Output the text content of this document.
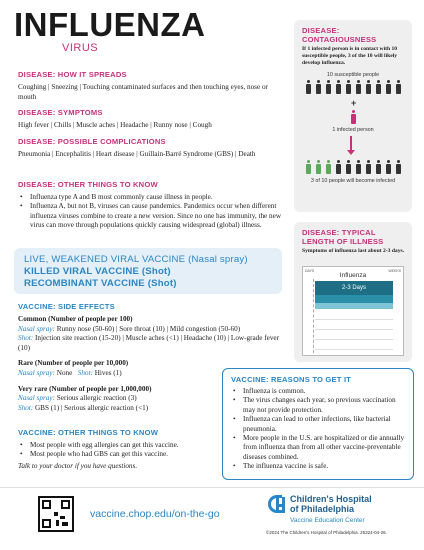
INFLUENZA
VIRUS
DISEASE: HOW IT SPREADS
Coughing | Sneezing | Touching contaminated surfaces and then touching eyes, nose or mouth
DISEASE: SYMPTOMS
High fever | Chills | Muscle aches | Headache | Runny nose | Cough
DISEASE: POSSIBLE COMPLICATIONS
Pneumonia | Encephalitis | Heart disease | Guillain-Barré Syndrome (GBS) | Death
DISEASE: OTHER THINGS TO KNOW
• Influenza type A and B most commonly cause illness in people.
• Influenza A, but not B, viruses can cause pandemics. Pandemics occur when different influenza viruses combine to create a new version. Since no one has immunity, the new virus can move through populations quickly causing widespread (global) illness.
DISEASE:
CONTAGIOUSNESS
If 1 infected person is in contact with 10 susceptible people, 3 of the 10 will likely develop influenza.
10 susceptible people
+
1 infected person
3 of 10 people will become infected
DISEASE: TYPICAL
LENGTH OF ILLNESS
Symptoms of influenza last about 2-3 days.
DAYS	WEEKS
Influenza
2-3 Days
LIVE, WEAKENED VIRAL VACCINE (Nasal spray)
KILLED VIRAL VACCINE (Shot)
RECOMBINANT VACCINE (Shot)
VACCINE: SIDE EFFECTS
Common (Number of people per 100)
Nasal spray: Runny nose (50-60) | Sore throat (10) | Mild congestion (50-60)
Shot: Injection site reaction (15-20) | Muscle aches (<1) | Headache (10) | Low-grade fever (10)
Rare (Number of people per 10,000)
Nasal spray: None Shot: Hives (1)
Very rare (Number of people per 1,000,000)
Nasal spray: Serious allergic reaction (3)
Shot: GBS (1) | Serious allergic reaction (<1)
VACCINE: OTHER THINGS TO KNOW
• Most people with egg allergies can get this vaccine.
• Most people who had GBS can get this vaccine.
Talk to your doctor if you have questions.
VACCINE: REASONS TO GET IT
• Influenza is common.
• The virus changes each year, so previous vaccination may not provide protection.
• Influenza can lead to other infections, like bacterial pneumonia.
• More people in the U.S. are hospitalized or die annually from influenza than from all other vaccine-preventable diseases combined.
• The influenza vaccine is safe.
vaccine.chop.edu/on-the-go
Children's Hospital
of Philadelphia
Vaccine Education Center
©2024 The Children's Hospital of Philadelphia. 25324-04-26.
